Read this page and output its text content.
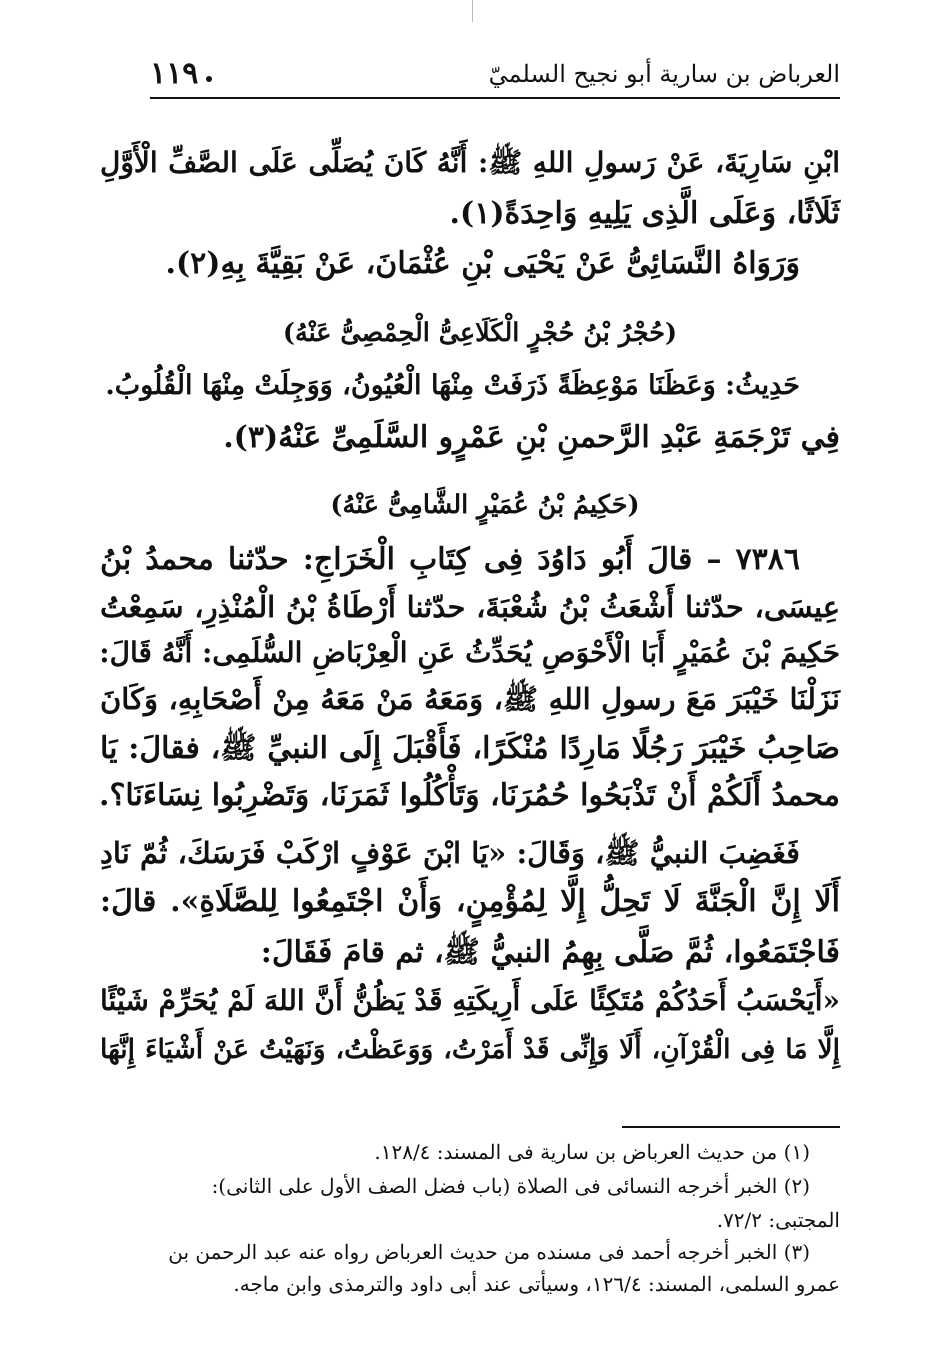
العرباض بن سارية أبو نجيح السلميّ
١١٩
ابْنِ سَارِيَةَ، عَنْ رَسولِ اللهِ ﷺ: أَنَّهُ كَانَ يُصَلِّى عَلَى الصَّفِّ الْأَوَّلِ
ثَلَاثًا، وَعَلَى الَّذِى يَلِيهِ وَاحِدَةً(١).
وَرَوَاهُ النَّسَائِىُّ عَنْ يَحْيَى بْنِ عُثْمَانَ، عَنْ بَقِيَّةَ بِهِ(٢).
(حُجْرُ بْنُ حُجْرٍ الْكَلَاعِىُّ الْحِمْصِىُّ عَنْهُ)
حَدِيثُ: وَعَظَنَا مَوْعِظَةً ذَرَفَتْ مِنْهَا الْعُيُونُ، وَوَجِلَتْ مِنْهَا الْقُلُوبُ.
فِي تَرْجَمَةِ عَبْدِ الرَّحمنِ بْنِ عَمْرٍو السَّلَمِىِّ عَنْهُ(٣).
(حَكِيمُ بْنُ عُمَيْرٍ الشَّامِىُّ عَنْهُ)
٧٣٨٦ – قالَ أَبُو دَاوُدَ فِى كِتَابِ الْخَرَاجِ: حدّثنا محمدُ بْنُ
عِيسَى، حدّثنا أَشْعَثُ بْنُ شُعْبَةَ، حدّثنا أَرْطَاةُ بْنُ الْمُنْذِرِ، سَمِعْتُ
حَكِيمَ بْنَ عُمَيْرٍ أَبَا الْأَحْوَصِ يُحَدِّثُ عَنِ الْعِرْبَاضِ السُّلَمِى: أَنَّهُ قَالَ:
نَزَلْنَا خَيْبَرَ مَعَ رسولِ اللهِ ﷺ، وَمَعَهُ مَنْ مَعَهُ مِنْ أَصْحَابِهِ، وَكَانَ
صَاحِبُ خَيْبَرَ رَجُلًا مَارِدًا مُنْكَرًا، فَأَقْبَلَ إِلَى النبيِّ ﷺ، فقالَ: يَا
محمدُ أَلَكُمْ أَنْ تَذْبَحُوا حُمُرَنَا، وَتَأْكُلُوا ثَمَرَنَا، وَتَضْرِبُوا نِسَاءَنَا؟.
فَغَضِبَ النبيُّ ﷺ، وَقَالَ: «يَا ابْنَ عَوْفٍ ارْكَبْ فَرَسَكَ، ثُمّ نَادِ
أَلَا إِنَّ الْجَنَّةَ لَا تَحِلُّ إِلَّا لِمُؤْمِنٍ، وَأَنْ اجْتَمِعُوا لِلصَّلَاةِ». قالَ:
فَاجْتَمَعُوا، ثُمَّ صَلَّى بِهِمُ النبيُّ ﷺ، ثم قامَ فَقَالَ:
«أَيَحْسَبُ أَحَدُكُمْ مُتَكِئًا عَلَى أَرِيكَتِهِ قَدْ يَظُنُّ أَنَّ اللهَ لَمْ يُحَرِّمْ شَيْئًا
إِلَّا مَا فِى الْقُرْآنِ، أَلَا وَإِنِّى قَدْ أَمَرْتُ، وَوَعَظْتُ، وَنَهَيْتُ عَنْ أَشْيَاءَ إِنَّهَا
(١) من حديث العرباض بن سارية فى المسند: ١٢٨/٤.
(٢) الخبر أخرجه النسائى فى الصلاة (باب فضل الصف الأول على الثانى):
المجتبى: ٧٢/٢.
(٣) الخبر أخرجه أحمد فى مسنده من حديث العرباض رواه عنه عبد الرحمن بن
عمرو السلمى، المسند: ١٢٦/٤، وسيأتى عند أبى داود والترمذى وابن ماجه.
